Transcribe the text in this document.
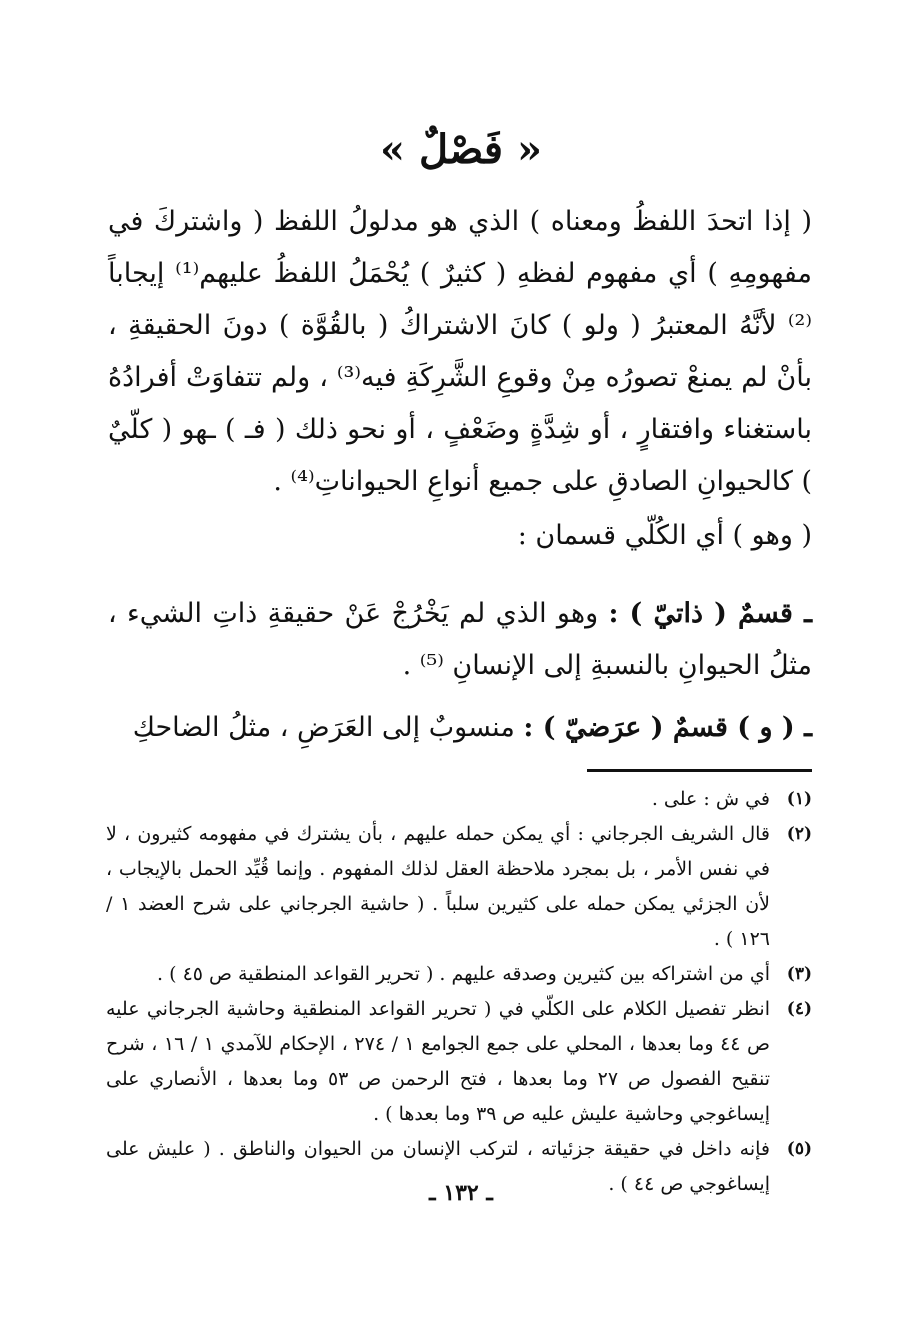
« فَصْلٌ »
( إذا اتحدَ اللفظُ ومعناه ) الذي هو مدلولُ اللفظ ( واشتركَ في مفهومِهِ ) أي مفهوم لفظهِ ( كثيرٌ ) يُحْمَلُ اللفظُ عليهم⁽¹⁾ إيجاباً ⁽²⁾ لأنَّهُ المعتبرُ ( ولو ) كانَ الاشتراكُ ( بالقُوَّة ) دونَ الحقيقةِ ، بأنْ لم يمنعْ تصورُه مِنْ وقوعِ الشَّرِكَةِ فيه⁽³⁾ ، ولم تتفاوَتْ أفرادُهُ باستغناء وافتقارٍ ، أو شِدَّةٍ وضَعْفٍ ، أو نحو ذلك ( فـ ) ـهو ( كلّيٌ ) كالحيوانِ الصادقِ على جميع أنواعِ الحيواناتِ⁽⁴⁾ .
( وهو ) أي الكُلّي قسمان :
ـ قسمٌ ( ذاتيّ ) : وهو الذي لم يَخْرُجْ عَنْ حقيقةِ ذاتِ الشيء ، مثلُ الحيوانِ بالنسبةِ إلى الإنسانِ ⁽⁵⁾ .
ـ ( و ) قسمٌ ( عرَضيّ ) : منسوبٌ إلى العَرَضِ ، مثلُ الضاحكِ
(١)
في ش : على .
(٢)
قال الشريف الجرجاني : أي يمكن حمله عليهم ، بأن يشترك في مفهومه كثيرون ، لا في نفس الأمر ، بل بمجرد ملاحظة العقل لذلك المفهوم . وإنما قُيِّد الحمل بالإيجاب ، لأن الجزئي يمكن حمله على كثيرين سلباً . ( حاشية الجرجاني على شرح العضد ١ / ١٢٦ ) .
(٣)
أي من اشتراكه بين كثيرين وصدقه عليهم . ( تحرير القواعد المنطقية ص ٤٥ ) .
(٤)
انظر تفصيل الكلام على الكلّي في ( تحرير القواعد المنطقية وحاشية الجرجاني عليه ص ٤٤ وما بعدها ، المحلي على جمع الجوامع ١ / ٢٧٤ ، الإحكام للآمدي ١ / ١٦ ، شرح تنقيح الفصول ص ٢٧ وما بعدها ، فتح الرحمن ص ٥٣ وما بعدها ، الأنصاري على إيساغوجي وحاشية عليش عليه ص ٣٩ وما بعدها ) .
(٥)
فإنه داخل في حقيقة جزئياته ، لتركب الإنسان من الحيوان والناطق . ( عليش على إيساغوجي ص ٤٤ ) .
ـ ١٣٢ ـ
